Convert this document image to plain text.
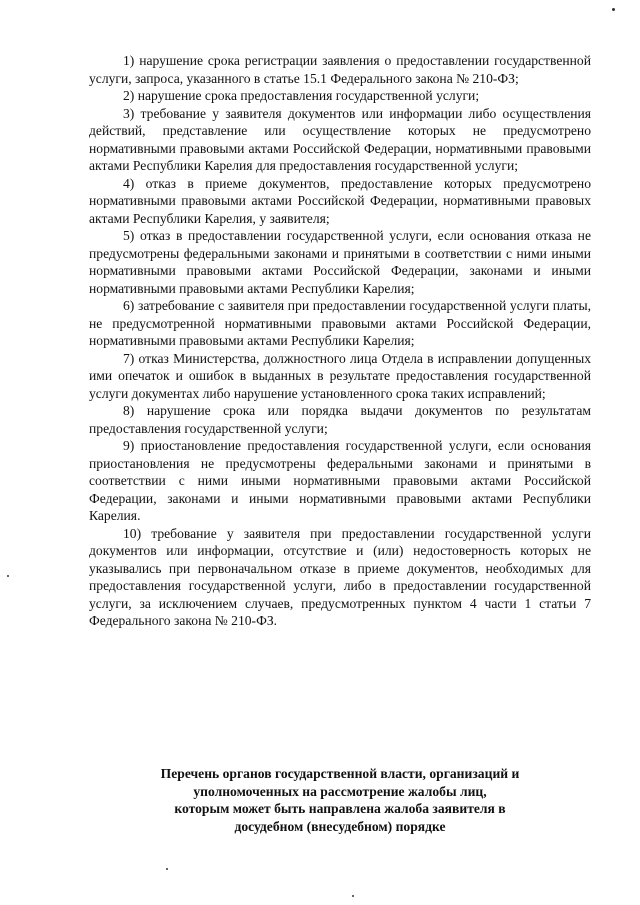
1) нарушение срока регистрации заявления о предоставлении государственной услуги, запроса, указанного в статье 15.1 Федерального закона № 210-ФЗ;

2) нарушение срока предоставления государственной услуги;

3) требование у заявителя документов или информации либо осуществления действий, представление или осуществление которых не предусмотрено нормативными правовыми актами Российской Федерации, нормативными правовыми актами Республики Карелия для предоставления государственной услуги;

4) отказ в приеме документов, предоставление которых предусмотрено нормативными правовыми актами Российской Федерации, нормативными правовых актами Республики Карелия, у заявителя;

5) отказ в предоставлении государственной услуги, если основания отказа не предусмотрены федеральными законами и принятыми в соответствии с ними иными нормативными правовыми актами Российской Федерации, законами и иными нормативными правовыми актами Республики Карелия;

6) затребование с заявителя при предоставлении государственной услуги платы, не предусмотренной нормативными правовыми актами Российской Федерации, нормативными правовыми актами Республики Карелия;

7) отказ Министерства, должностного лица Отдела в исправлении допущенных ими опечаток и ошибок в выданных в результате предоставления государственной услуги документах либо нарушение установленного срока таких исправлений;

8) нарушение срока или порядка выдачи документов по результатам предоставления государственной услуги;

9) приостановление предоставления государственной услуги, если основания приостановления не предусмотрены федеральными законами и принятыми в соответствии с ними иными нормативными правовыми актами Российской Федерации, законами и иными нормативными правовыми актами Республики Карелия.

10) требование у заявителя при предоставлении государственной услуги документов или информации, отсутствие и (или) недостоверность которых не указывались при первоначальном отказе в приеме документов, необходимых для предоставления государственной услуги, либо в предоставлении государственной услуги, за исключением случаев, предусмотренных пунктом 4 части 1 статьи 7 Федерального закона № 210-ФЗ.

Перечень органов государственной власти, организаций и
уполномоченных на рассмотрение жалобы лиц,
которым может быть направлена жалоба заявителя в
досудебном (внесудебном) порядке
